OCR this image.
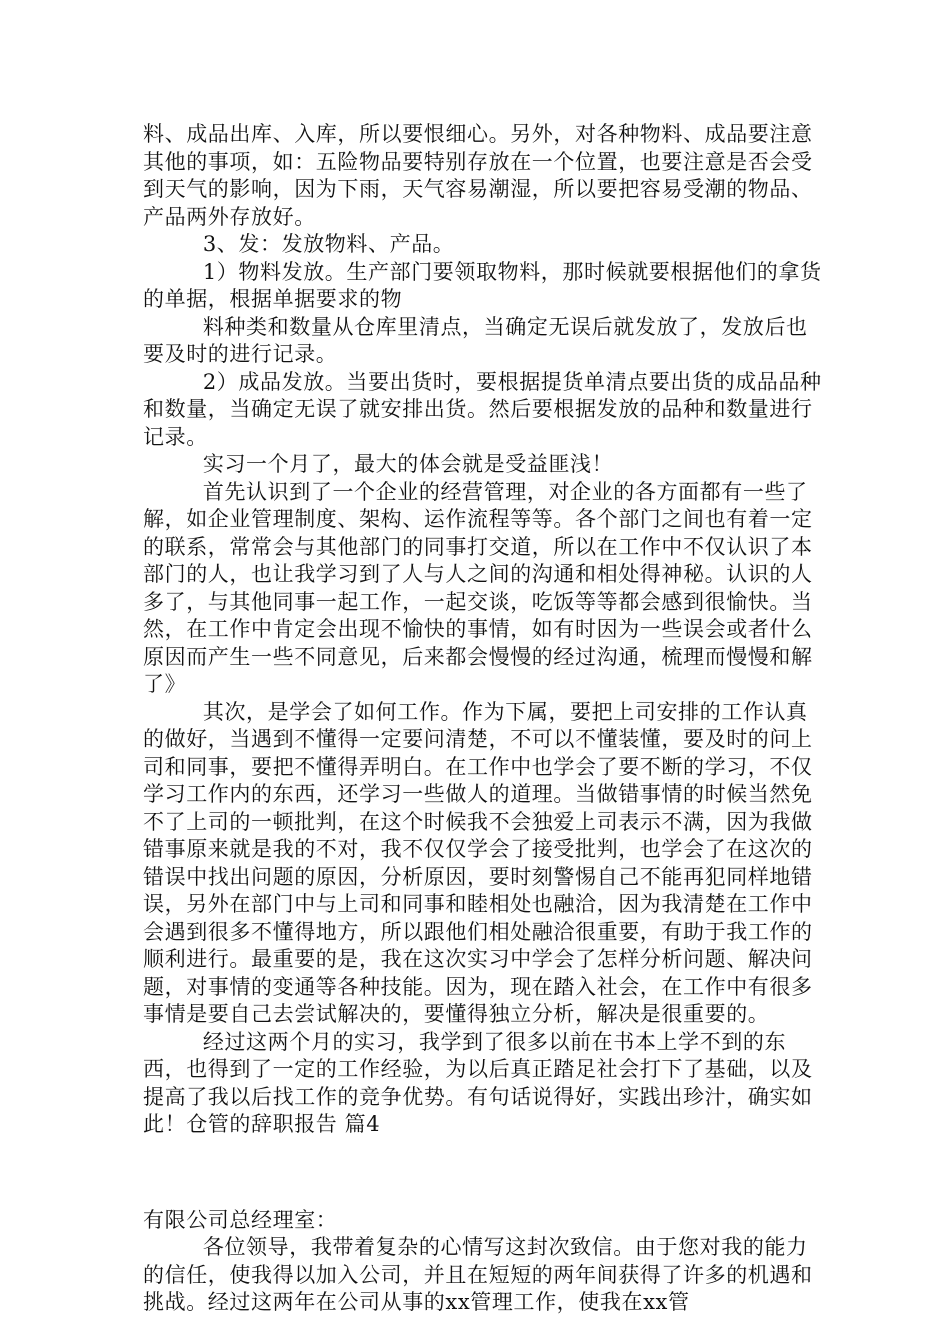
料、成品出库、入库，所以要恨细心。另外，对各种物料、成品要注意其他的事项，如：五险物品要特别存放在一个位置，也要注意是否会受到天气的影响，因为下雨，天气容易潮湿，所以要把容易受潮的物品、产品两外存放好。

3、发：发放物料、产品。

1）物料发放。生产部门要领取物料，那时候就要根据他们的拿货的单据，根据单据要求的物

料种类和数量从仓库里清点，当确定无误后就发放了，发放后也要及时的进行记录。

2）成品发放。当要出货时，要根据提货单清点要出货的成品品种和数量，当确定无误了就安排出货。然后要根据发放的品种和数量进行记录。

实习一个月了，最大的体会就是受益匪浅！

首先认识到了一个企业的经营管理，对企业的各方面都有一些了解，如企业管理制度、架构、运作流程等等。各个部门之间也有着一定的联系，常常会与其他部门的同事打交道，所以在工作中不仅认识了本部门的人，也让我学习到了人与人之间的沟通和相处得神秘。认识的人多了，与其他同事一起工作，一起交谈，吃饭等等都会感到很愉快。当然，在工作中肯定会出现不愉快的事情，如有时因为一些误会或者什么原因而产生一些不同意见，后来都会慢慢的经过沟通，梳理而慢慢和解了》

其次，是学会了如何工作。作为下属，要把上司安排的工作认真的做好，当遇到不懂得一定要问清楚，不可以不懂装懂，要及时的问上司和同事，要把不懂得弄明白。在工作中也学会了要不断的学习，不仅学习工作内的东西，还学习一些做人的道理。当做错事情的时候当然免不了上司的一顿批判，在这个时候我不会独爱上司表示不满，因为我做错事原来就是我的不对，我不仅仅学会了接受批判，也学会了在这次的错误中找出问题的原因，分析原因，要时刻警惕自己不能再犯同样地错误，另外在部门中与上司和同事和睦相处也融洽，因为我清楚在工作中会遇到很多不懂得地方，所以跟他们相处融洽很重要，有助于我工作的顺利进行。最重要的是，我在这次实习中学会了怎样分析问题、解决问题，对事情的变通等各种技能。因为，现在踏入社会，在工作中有很多事情是要自己去尝试解决的，要懂得独立分析，解决是很重要的。

经过这两个月的实习，我学到了很多以前在书本上学不到的东西，也得到了一定的工作经验，为以后真正踏足社会打下了基础，以及提高了我以后找工作的竞争优势。有句话说得好，实践出珍汁，确实如此！仓管的辞职报告 篇4

有限公司总经理室：

各位领导，我带着复杂的心情写这封次致信。由于您对我的能力的信任，使我得以加入公司，并且在短短的两年间获得了许多的机遇和挑战。经过这两年在公司从事的xx管理工作，使我在xx管
